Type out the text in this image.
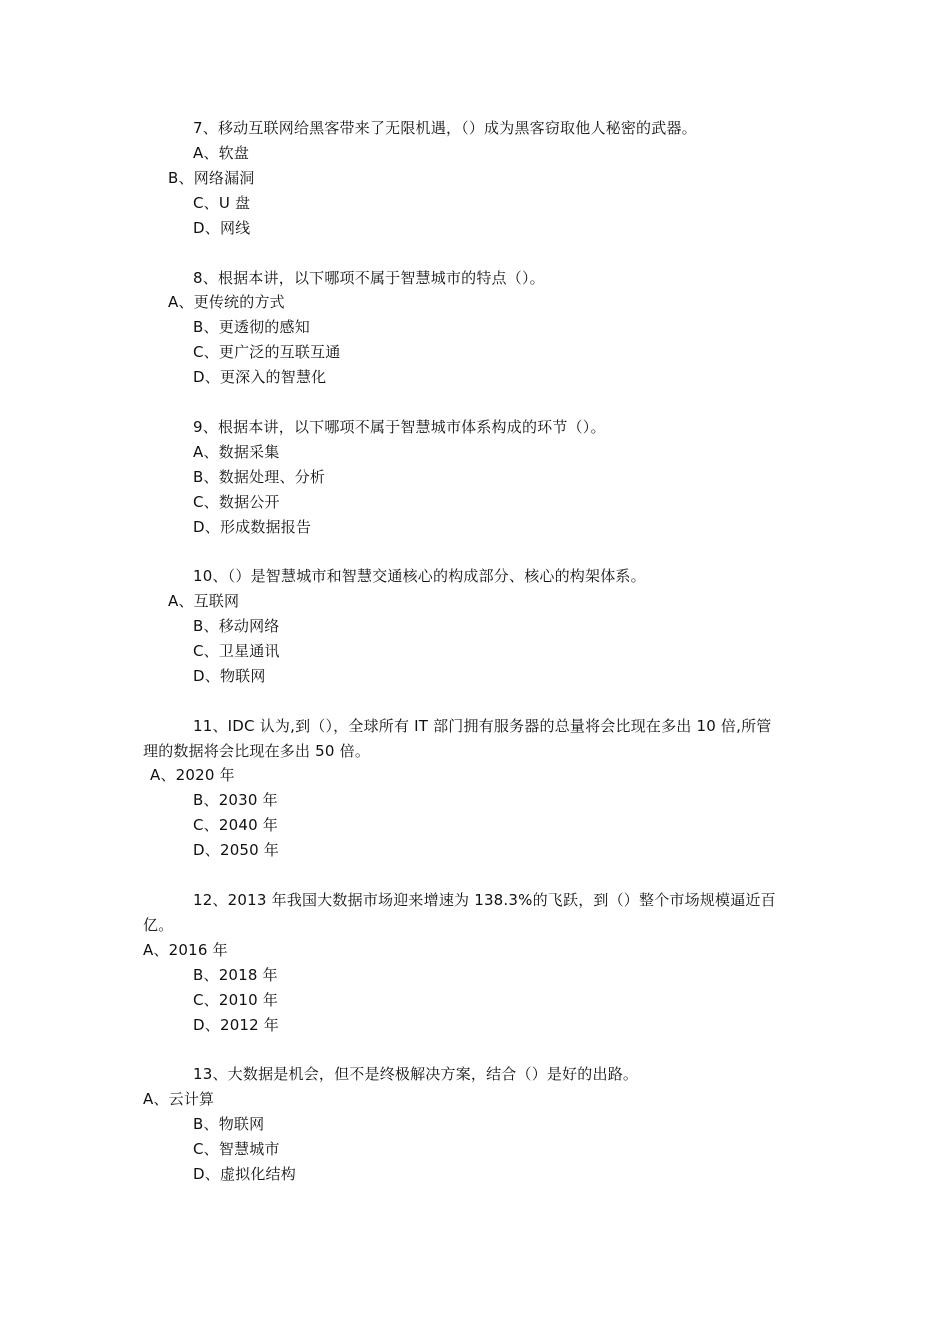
7、移动互联网给黑客带来了无限机遇，（）成为黑客窃取他人秘密的武器。
A、软盘
B、网络漏洞
C、U 盘
D、网线
8、根据本讲，以下哪项不属于智慧城市的特点（）。
A、更传统的方式
B、更透彻的感知
C、更广泛的互联互通
D、更深入的智慧化
9、根据本讲，以下哪项不属于智慧城市体系构成的环节（）。
A、数据采集
B、数据处理、分析
C、数据公开
D、形成数据报告
10、（）是智慧城市和智慧交通核心的构成部分、核心的构架体系。
A、互联网
B、移动网络
C、卫星通讯
D、物联网
11、IDC 认为,到（），全球所有 IT 部门拥有服务器的总量将会比现在多出 10 倍,所管
理的数据将会比现在多出 50 倍。
A、2020 年
B、2030 年
C、2040 年
D、2050 年
12、2013 年我国大数据市场迎来增速为 138.3%的飞跃，到（）整个市场规模逼近百
亿。
A、2016 年
B、2018 年
C、2010 年
D、2012 年
13、大数据是机会，但不是终极解决方案，结合（）是好的出路。
A、云计算
B、物联网
C、智慧城市
D、虚拟化结构
